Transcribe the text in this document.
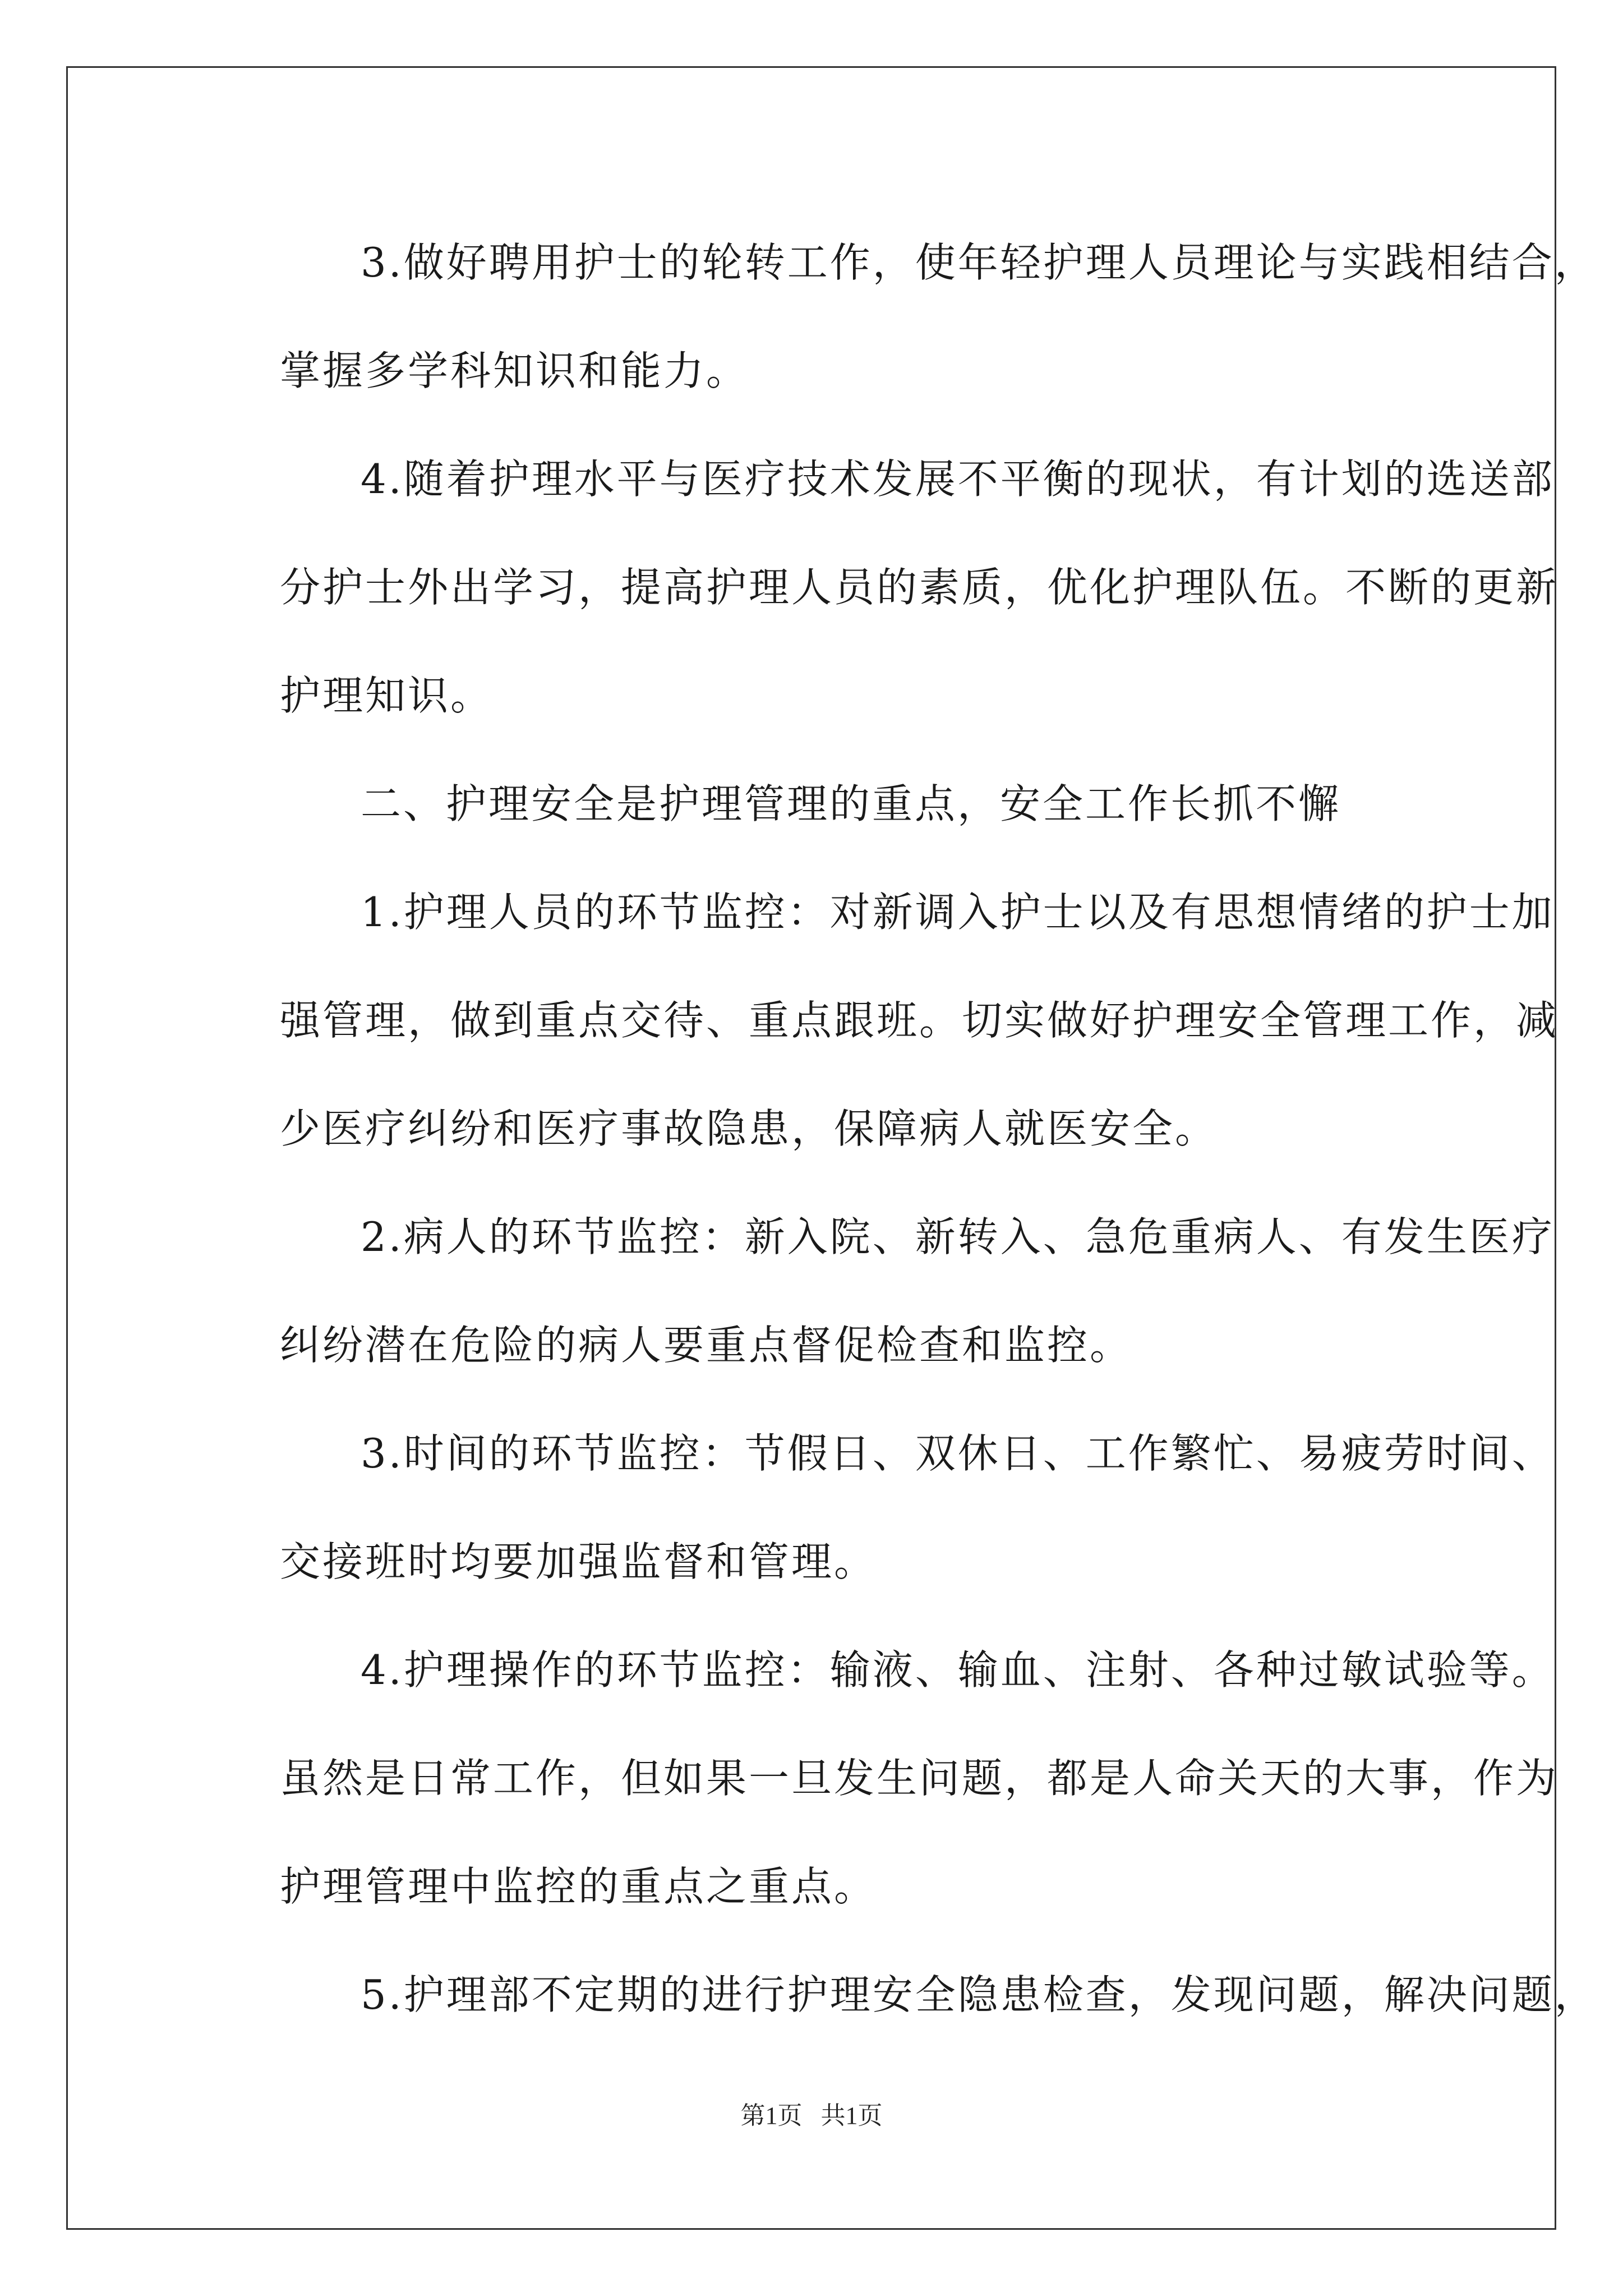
3.做好聘用护士的轮转工作，使年轻护理人员理论与实践相结合，
掌握多学科知识和能力。
4.随着护理水平与医疗技术发展不平衡的现状，有计划的选送部
分护士外出学习，提高护理人员的素质，优化护理队伍。不断的更新
护理知识。
二、护理安全是护理管理的重点，安全工作长抓不懈
1.护理人员的环节监控：对新调入护士以及有思想情绪的护士加
强管理，做到重点交待、重点跟班。切实做好护理安全管理工作，减
少医疗纠纷和医疗事故隐患，保障病人就医安全。
2.病人的环节监控：新入院、新转入、急危重病人、有发生医疗
纠纷潜在危险的病人要重点督促检查和监控。
3.时间的环节监控：节假日、双休日、工作繁忙、易疲劳时间、
交接班时均要加强监督和管理。
4.护理操作的环节监控：输液、输血、注射、各种过敏试验等。
虽然是日常工作，但如果一旦发生问题，都是人命关天的大事，作为
护理管理中监控的重点之重点。
5.护理部不定期的进行护理安全隐患检查，发现问题，解决问题，
第1页 共1页
